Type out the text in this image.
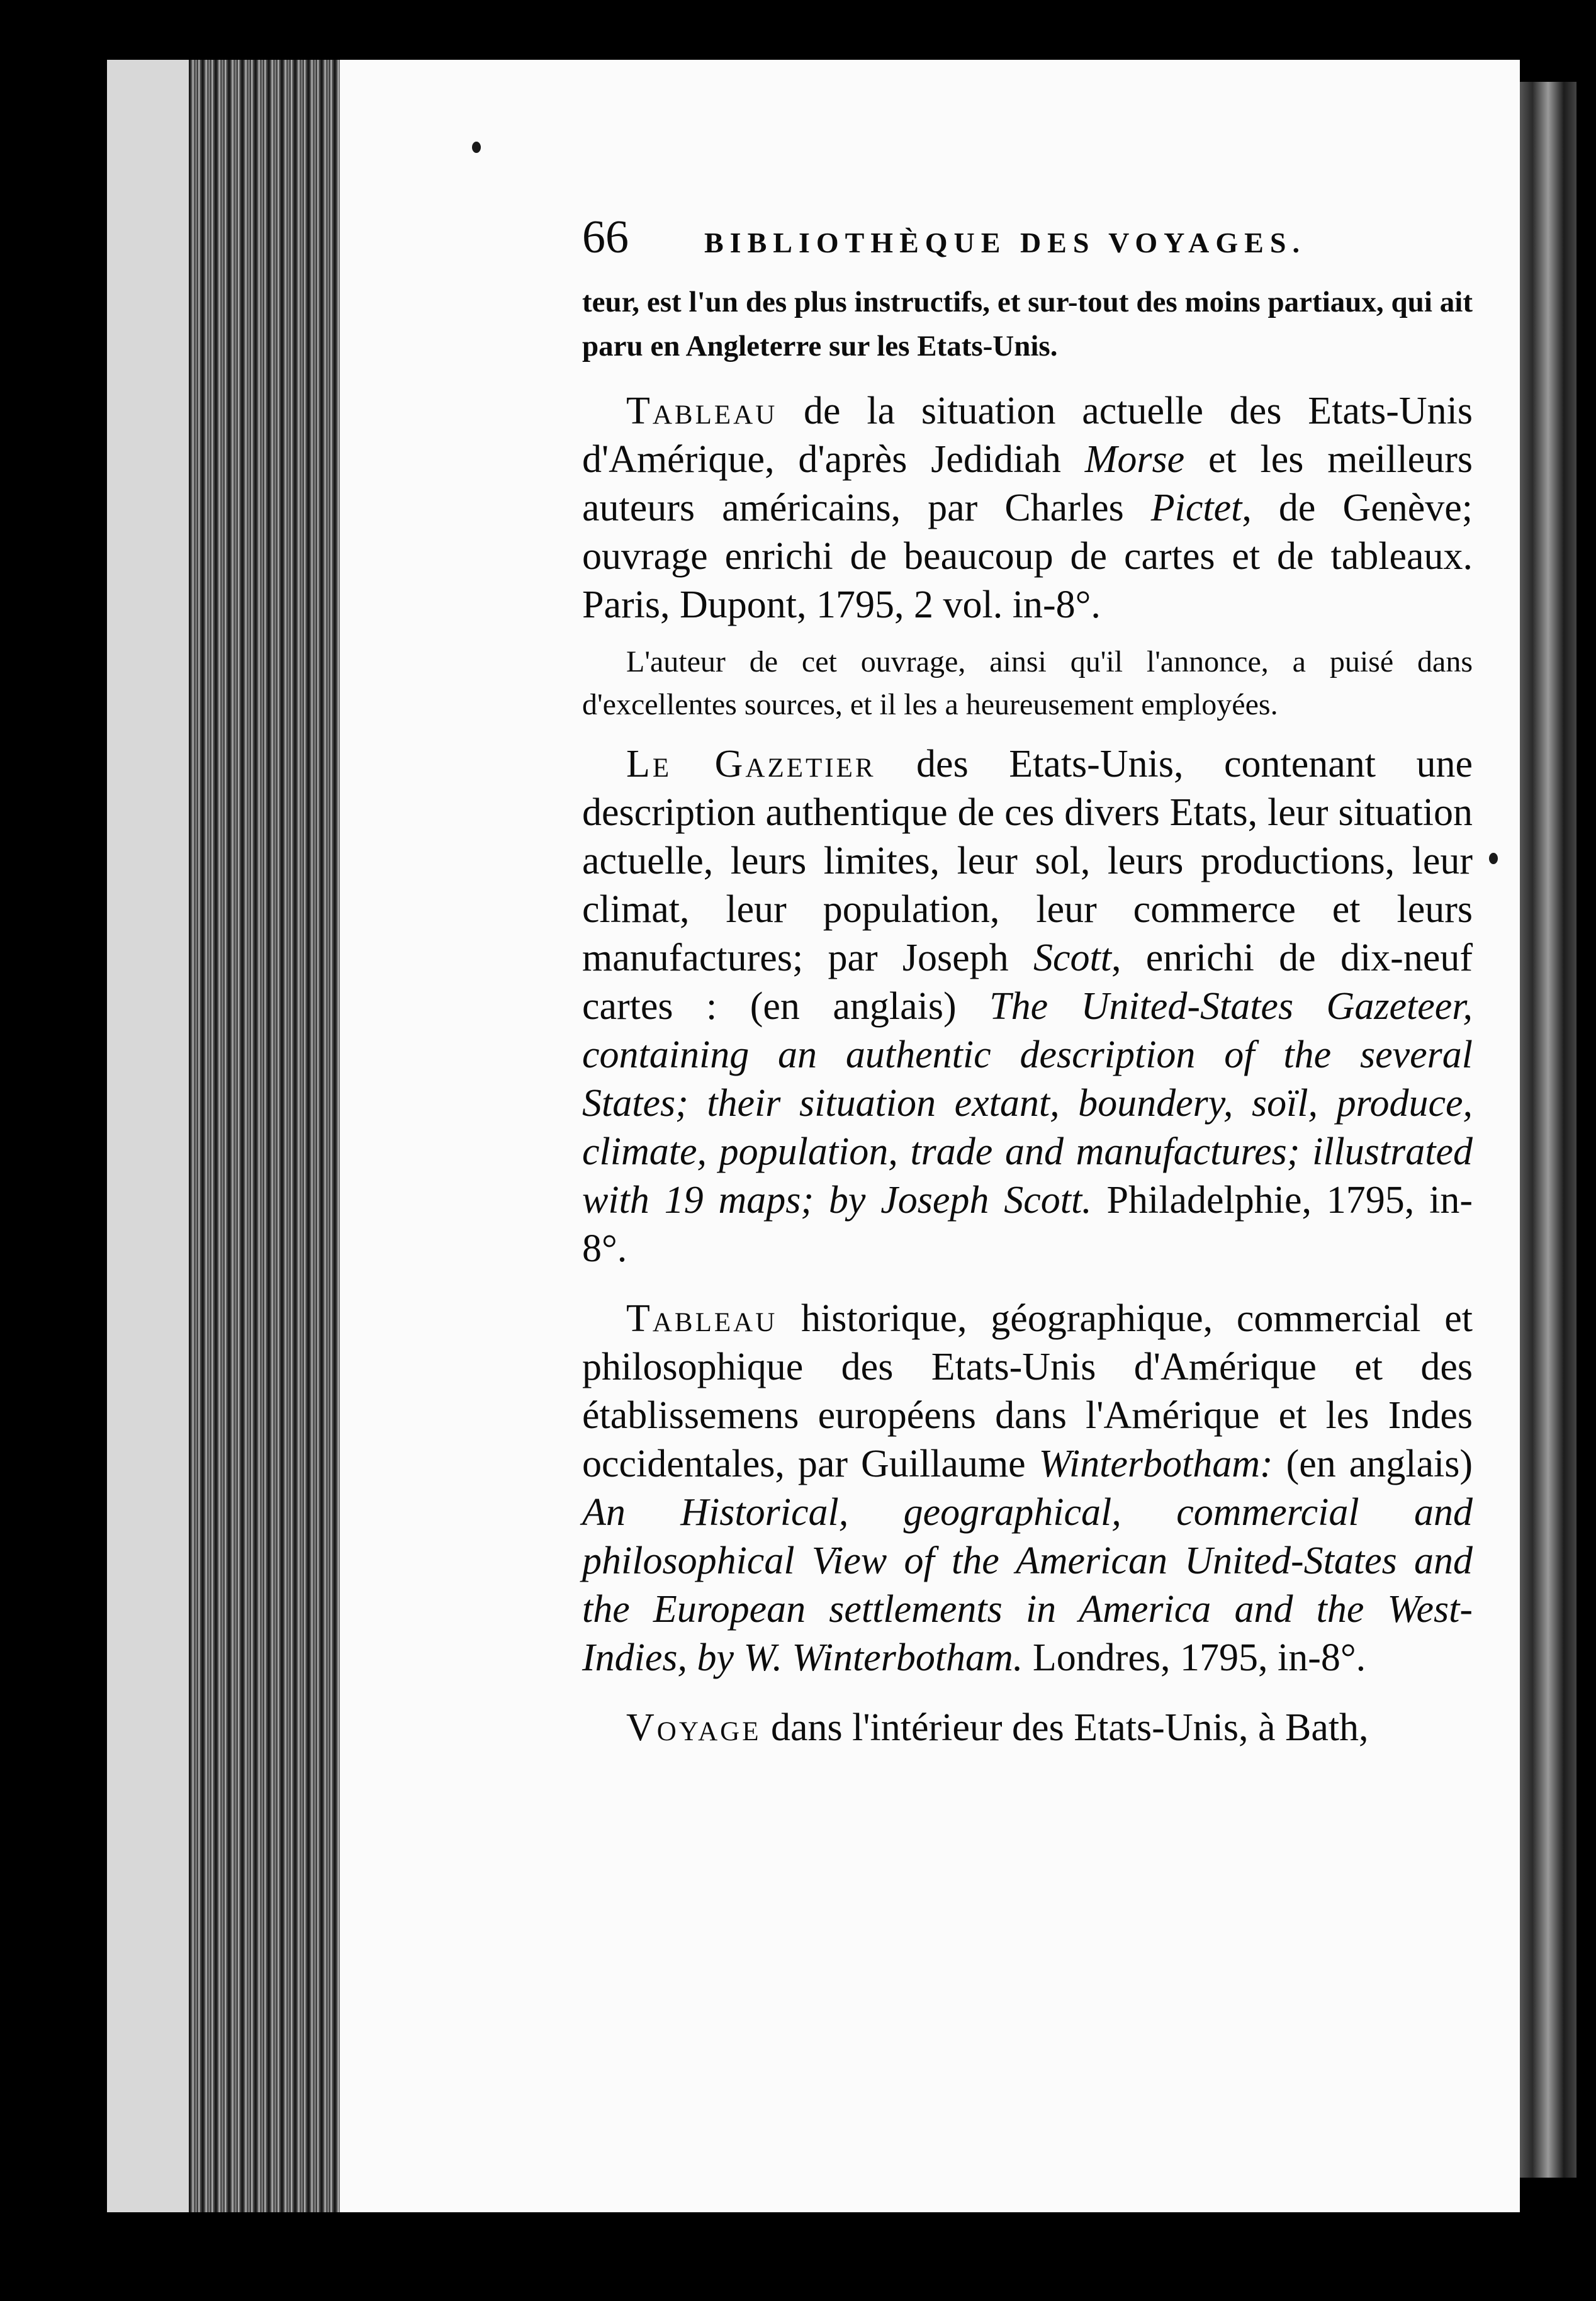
66	BIBLIOTHÈQUE DES VOYAGES.

teur, est l'un des plus instructifs, et sur-tout des moins partiaux, qui ait paru en Angleterre sur les Etats-Unis.

Tableau de la situation actuelle des Etats-Unis d'Amérique, d'après Jedidiah Morse et les meilleurs auteurs américains, par Charles Pictet, de Genève; ouvrage enrichi de beaucoup de cartes et de tableaux. Paris, Dupont, 1795, 2 vol. in-8°.

L'auteur de cet ouvrage, ainsi qu'il l'annonce, a puisé dans d'excellentes sources, et il les a heureusement employées.

Le Gazetier des Etats-Unis, contenant une description authentique de ces divers Etats, leur situation actuelle, leurs limites, leur sol, leurs productions, leur climat, leur population, leur commerce et leurs manufactures; par Joseph Scott, enrichi de dix-neuf cartes : (en anglais) The United-States Gazeteer, containing an authentic description of the several States; their situation extant, boundery, soïl, produce, climate, population, trade and manufactures; illustrated with 19 maps; by Joseph Scott. Philadelphie, 1795, in-8°.

Tableau historique, géographique, commercial et philosophique des Etats-Unis d'Amérique et des établissemens européens dans l'Amérique et les Indes occidentales, par Guillaume Winterbotham: (en anglais) An Historical, geographical, commercial and philosophical View of the American United-States and the European settlements in America and the West-Indies, by W. Winterbotham. Londres, 1795, in-8°.

Voyage dans l'intérieur des Etats-Unis, à Bath,
